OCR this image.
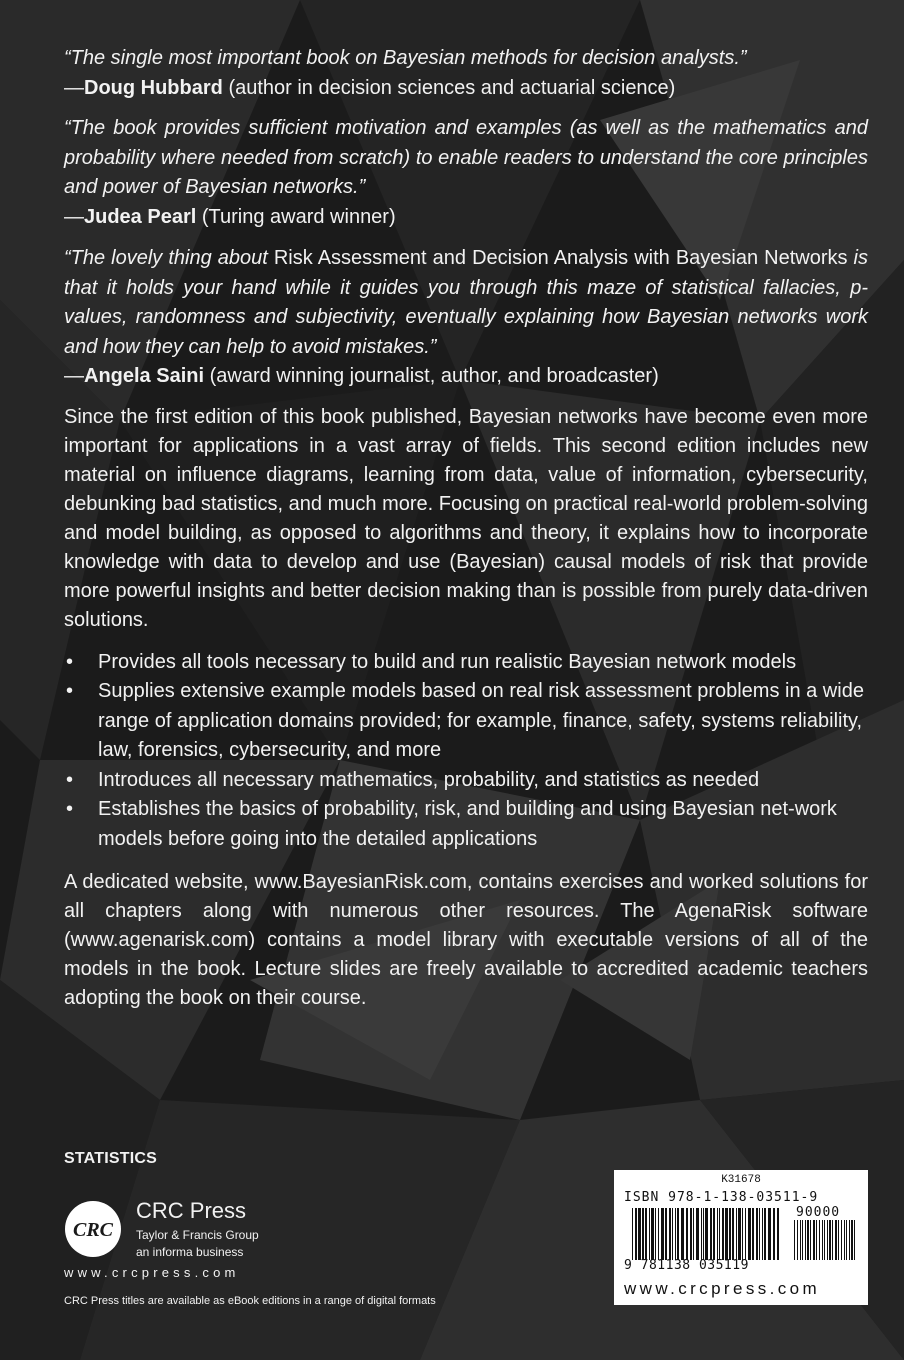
“The single most important book on Bayesian methods for decision analysts.”
—Doug Hubbard (author in decision sciences and actuarial science)
“The book provides sufficient motivation and examples (as well as the mathematics and probability where needed from scratch) to enable readers to understand the core principles and power of Bayesian networks.”
—Judea Pearl (Turing award winner)
“The lovely thing about Risk Assessment and Decision Analysis with Bayesian Networks is that it holds your hand while it guides you through this maze of statistical fallacies, p-values, randomness and subjectivity, eventually explaining how Bayesian networks work and how they can help to avoid mistakes.”
—Angela Saini (award winning journalist, author, and broadcaster)

Since the first edition of this book published, Bayesian networks have become even more important for applications in a vast array of fields. This second edition includes new material on influence diagrams, learning from data, value of information, cybersecurity, debunking bad statistics, and much more. Focusing on practical real-world problem-solving and model building, as opposed to algorithms and theory, it explains how to incorporate knowledge with data to develop and use (Bayesian) causal models of risk that provide more powerful insights and better decision making than is possible from purely data-driven solutions.

• Provides all tools necessary to build and run realistic Bayesian network models
• Supplies extensive example models based on real risk assessment problems in a wide range of application domains provided; for example, finance, safety, systems reliability, law, forensics, cybersecurity, and more
• Introduces all necessary mathematics, probability, and statistics as needed
• Establishes the basics of probability, risk, and building and using Bayesian net-work models before going into the detailed applications

A dedicated website, www.BayesianRisk.com, contains exercises and worked solutions for all chapters along with numerous other resources. The AgenaRisk software (www.agenarisk.com) contains a model library with executable versions of all of the models in the book. Lecture slides are freely available to accredited academic teachers adopting the book on their course.

STATISTICS
CRC
CRC Press
Taylor & Francis Group
an informa business
www.crcpress.com
CRC Press titles are available as eBook editions in a range of digital formats
K31678
ISBN 978-1-138-03511-9
90000
9 781138 035119
www.crcpress.com
